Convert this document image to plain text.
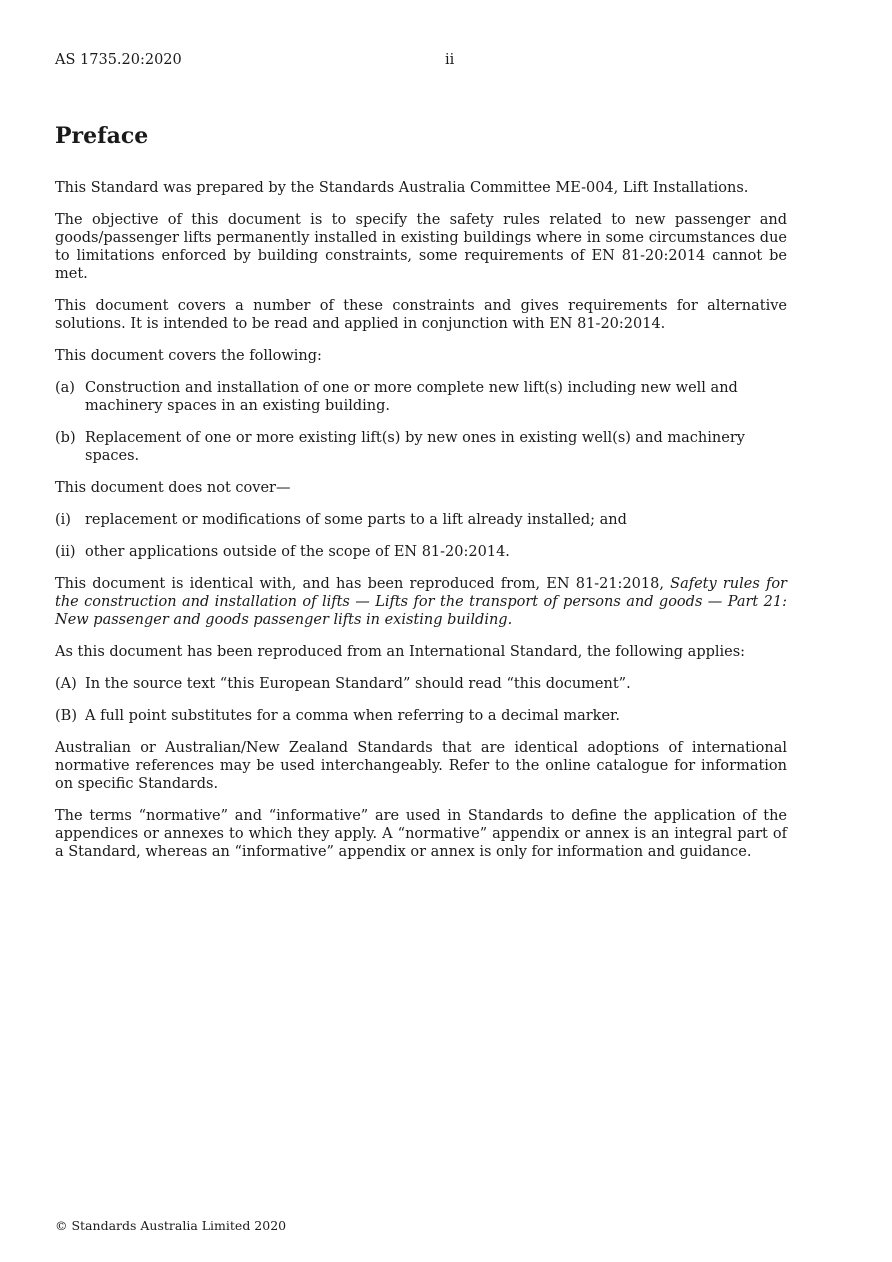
AS 1735.20:2020	ii
Preface

This Standard was prepared by the Standards Australia Committee ME-004, Lift Installations.

The objective of this document is to specify the safety rules related to new passenger and goods/passenger lifts permanently installed in existing buildings where in some circumstances due to limitations enforced by building constraints, some requirements of EN 81-20:2014 cannot be met.

This document covers a number of these constraints and gives requirements for alternative solutions. It is intended to be read and applied in conjunction with EN 81-20:2014.

This document covers the following:

(a) Construction and installation of one or more complete new lift(s) including new well and machinery spaces in an existing building.
(b) Replacement of one or more existing lift(s) by new ones in existing well(s) and machinery spaces.

This document does not cover—

(i) replacement or modifications of some parts to a lift already installed; and
(ii) other applications outside of the scope of EN 81-20:2014.

This document is identical with, and has been reproduced from, EN 81-21:2018, Safety rules for the construction and installation of lifts — Lifts for the transport of persons and goods — Part 21: New passenger and goods passenger lifts in existing building.

As this document has been reproduced from an International Standard, the following applies:

(A) In the source text “this European Standard” should read “this document”.
(B) A full point substitutes for a comma when referring to a decimal marker.

Australian or Australian/New Zealand Standards that are identical adoptions of international normative references may be used interchangeably. Refer to the online catalogue for information on specific Standards.

The terms “normative” and “informative” are used in Standards to define the application of the appendices or annexes to which they apply. A “normative” appendix or annex is an integral part of a Standard, whereas an “informative” appendix or annex is only for information and guidance.

© Standards Australia Limited 2020
